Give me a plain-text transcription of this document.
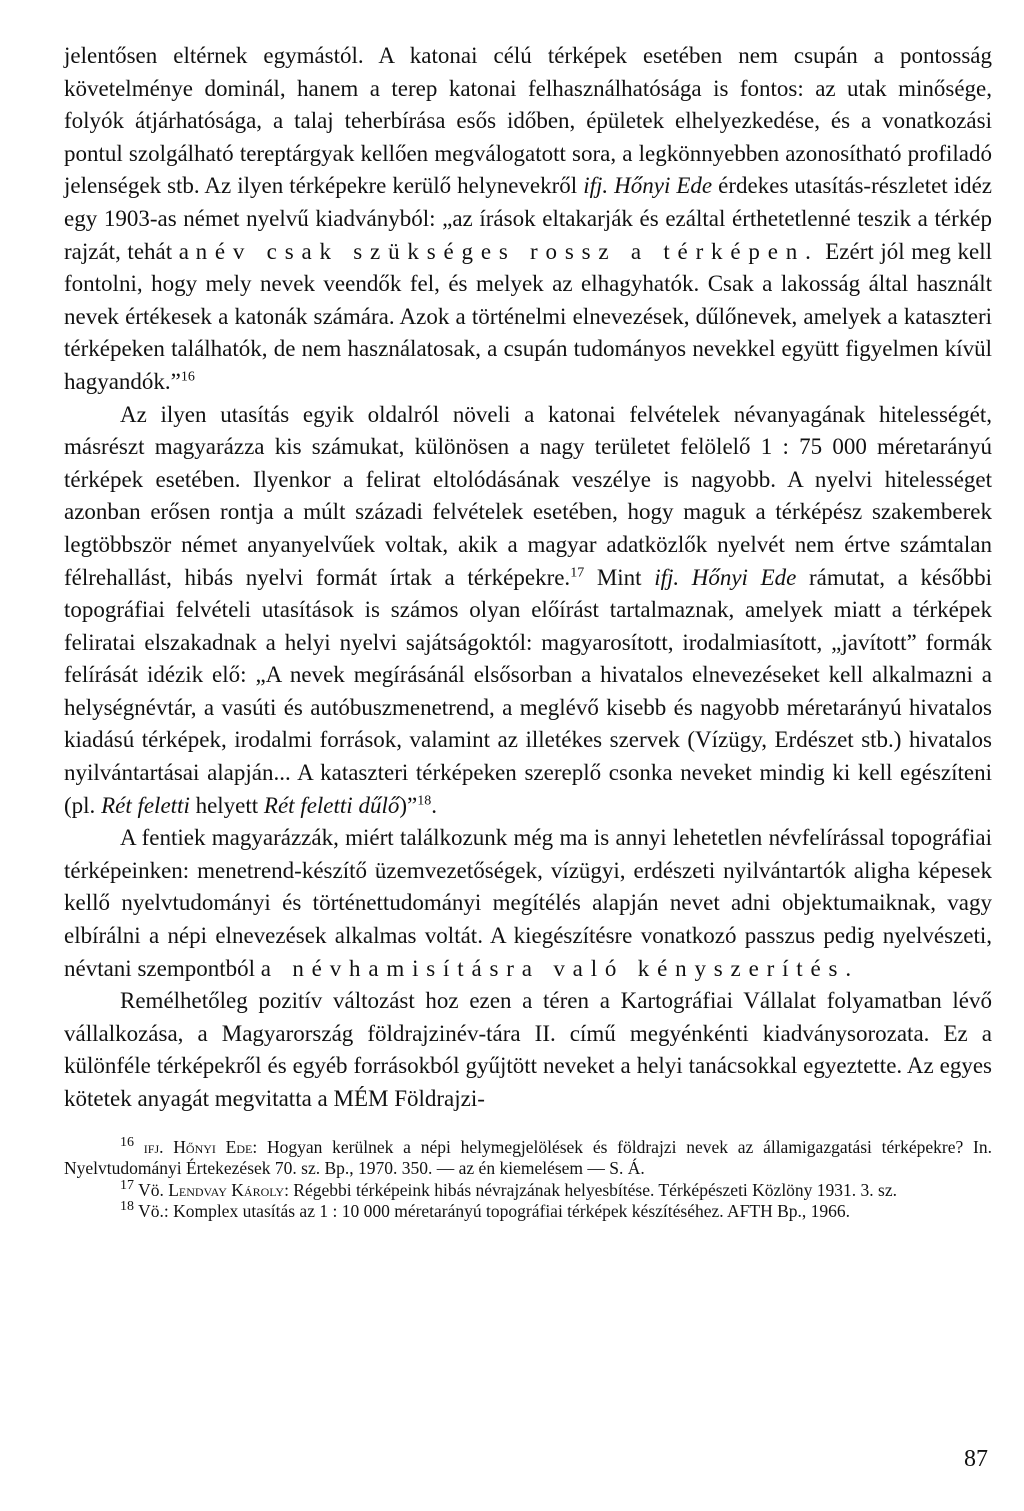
jelentősen eltérnek egymástól. A katonai célú térképek esetében nem csupán a pontosság követelménye dominál, hanem a terep katonai felhasználhatósága is fontos: az utak minősége, folyók átjárhatósága, a talaj teherbírása esős időben, épületek elhelyezkedése, és a vonatkozási pontul szolgálható tereptárgyak kellően megválogatott sora, a legkönnyebben azonosítható profiladó jelenségek stb. Az ilyen térképekre kerülő helynevekről ifj. Hőnyi Ede érdekes utasítás-részletet idéz egy 1903-as német nyelvű kiadványból: „az írások eltakarják és ezáltal érthetetlenné teszik a térkép rajzát, tehát a név csak szükséges rossz a térképen. Ezért jól meg kell fontolni, hogy mely nevek veendők fel, és melyek az elhagyhatók. Csak a lakosság által használt nevek értékesek a katonák számára. Azok a történelmi elnevezések, dűlőnevek, amelyek a kataszteri térképeken találhatók, de nem használatosak, a csupán tudományos nevekkel együtt figyelmen kívül hagyandók.”$^{16}$

Az ilyen utasítás egyik oldalról növeli a katonai felvételek névanyagának hitelességét, másrészt magyarázza kis számukat, különösen a nagy területet felölelő 1 : 75 000 méretarányú térképek esetében. Ilyenkor a felirat eltolódásának veszélye is nagyobb. A nyelvi hitelességet azonban erősen rontja a múlt századi felvételek esetében, hogy maguk a térképész szakemberek legtöbbször német anyanyelvűek voltak, akik a magyar adatközlők nyelvét nem értve számtalan félrehallást, hibás nyelvi formát írtak a térképekre.$^{17}$ Mint ifj. Hőnyi Ede rámutat, a későbbi topográfiai felvételi utasítások is számos olyan előírást tartalmaznak, amelyek miatt a térképek feliratai elszakadnak a helyi nyelvi sajátságoktól: magyarosított, irodalmiasított, „javított” formák felírását idézik elő: „A nevek megírásánál elsősorban a hivatalos elnevezéseket kell alkalmazni a helységnévtár, a vasúti és autóbuszmenetrend, a meglévő kisebb és nagyobb méretarányú hivatalos kiadású térképek, irodalmi források, valamint az illetékes szervek (Vízügy, Erdészet stb.) hivatalos nyilvántartásai alapján... A kataszteri térképeken szereplő csonka neveket mindig ki kell egészíteni (pl. Rét feletti helyett Rét feletti dűlő)”$^{18}$.

A fentiek magyarázzák, miért találkozunk még ma is annyi lehetetlen névfelírással topográfiai térképeinken: menetrend-készítő üzemvezetőségek, vízügyi, erdészeti nyilvántartók aligha képesek kellő nyelvtudományi és történettudományi megítélés alapján nevet adni objektumaiknak, vagy elbírálni a népi elnevezések alkalmas voltát. A kiegészítésre vonatkozó passzus pedig nyelvészeti, névtani szempontból a névhamisításra való kényszerítés.

Remélhetőleg pozitív változást hoz ezen a téren a Kartográfiai Vállalat folyamatban lévő vállalkozása, a Magyarország földrajzinév-tára II. című megyénkénti kiadványsorozata. Ez a különféle térképekről és egyéb forrásokból gyűjtött neveket a helyi tanácsokkal egyeztette. Az egyes kötetek anyagát megvitatta a MÉM Földrajzi-

$^{16}$ ifj. Hőnyi Ede: Hogyan kerülnek a népi helymegjelölések és földrajzi nevek az államigazgatási térképekre? In. Nyelvtudományi Értekezések 70. sz. Bp., 1970. 350. — az én kiemelésem — S. Á.

$^{17}$ Vö. Lendvay Károly: Régebbi térképeink hibás névrajzának helyesbítése. Térképészeti Közlöny 1931. 3. sz.

$^{18}$ Vö.: Komplex utasítás az 1 : 10 000 méretarányú topográfiai térképek készítéséhez. AFTH Bp., 1966.

87
